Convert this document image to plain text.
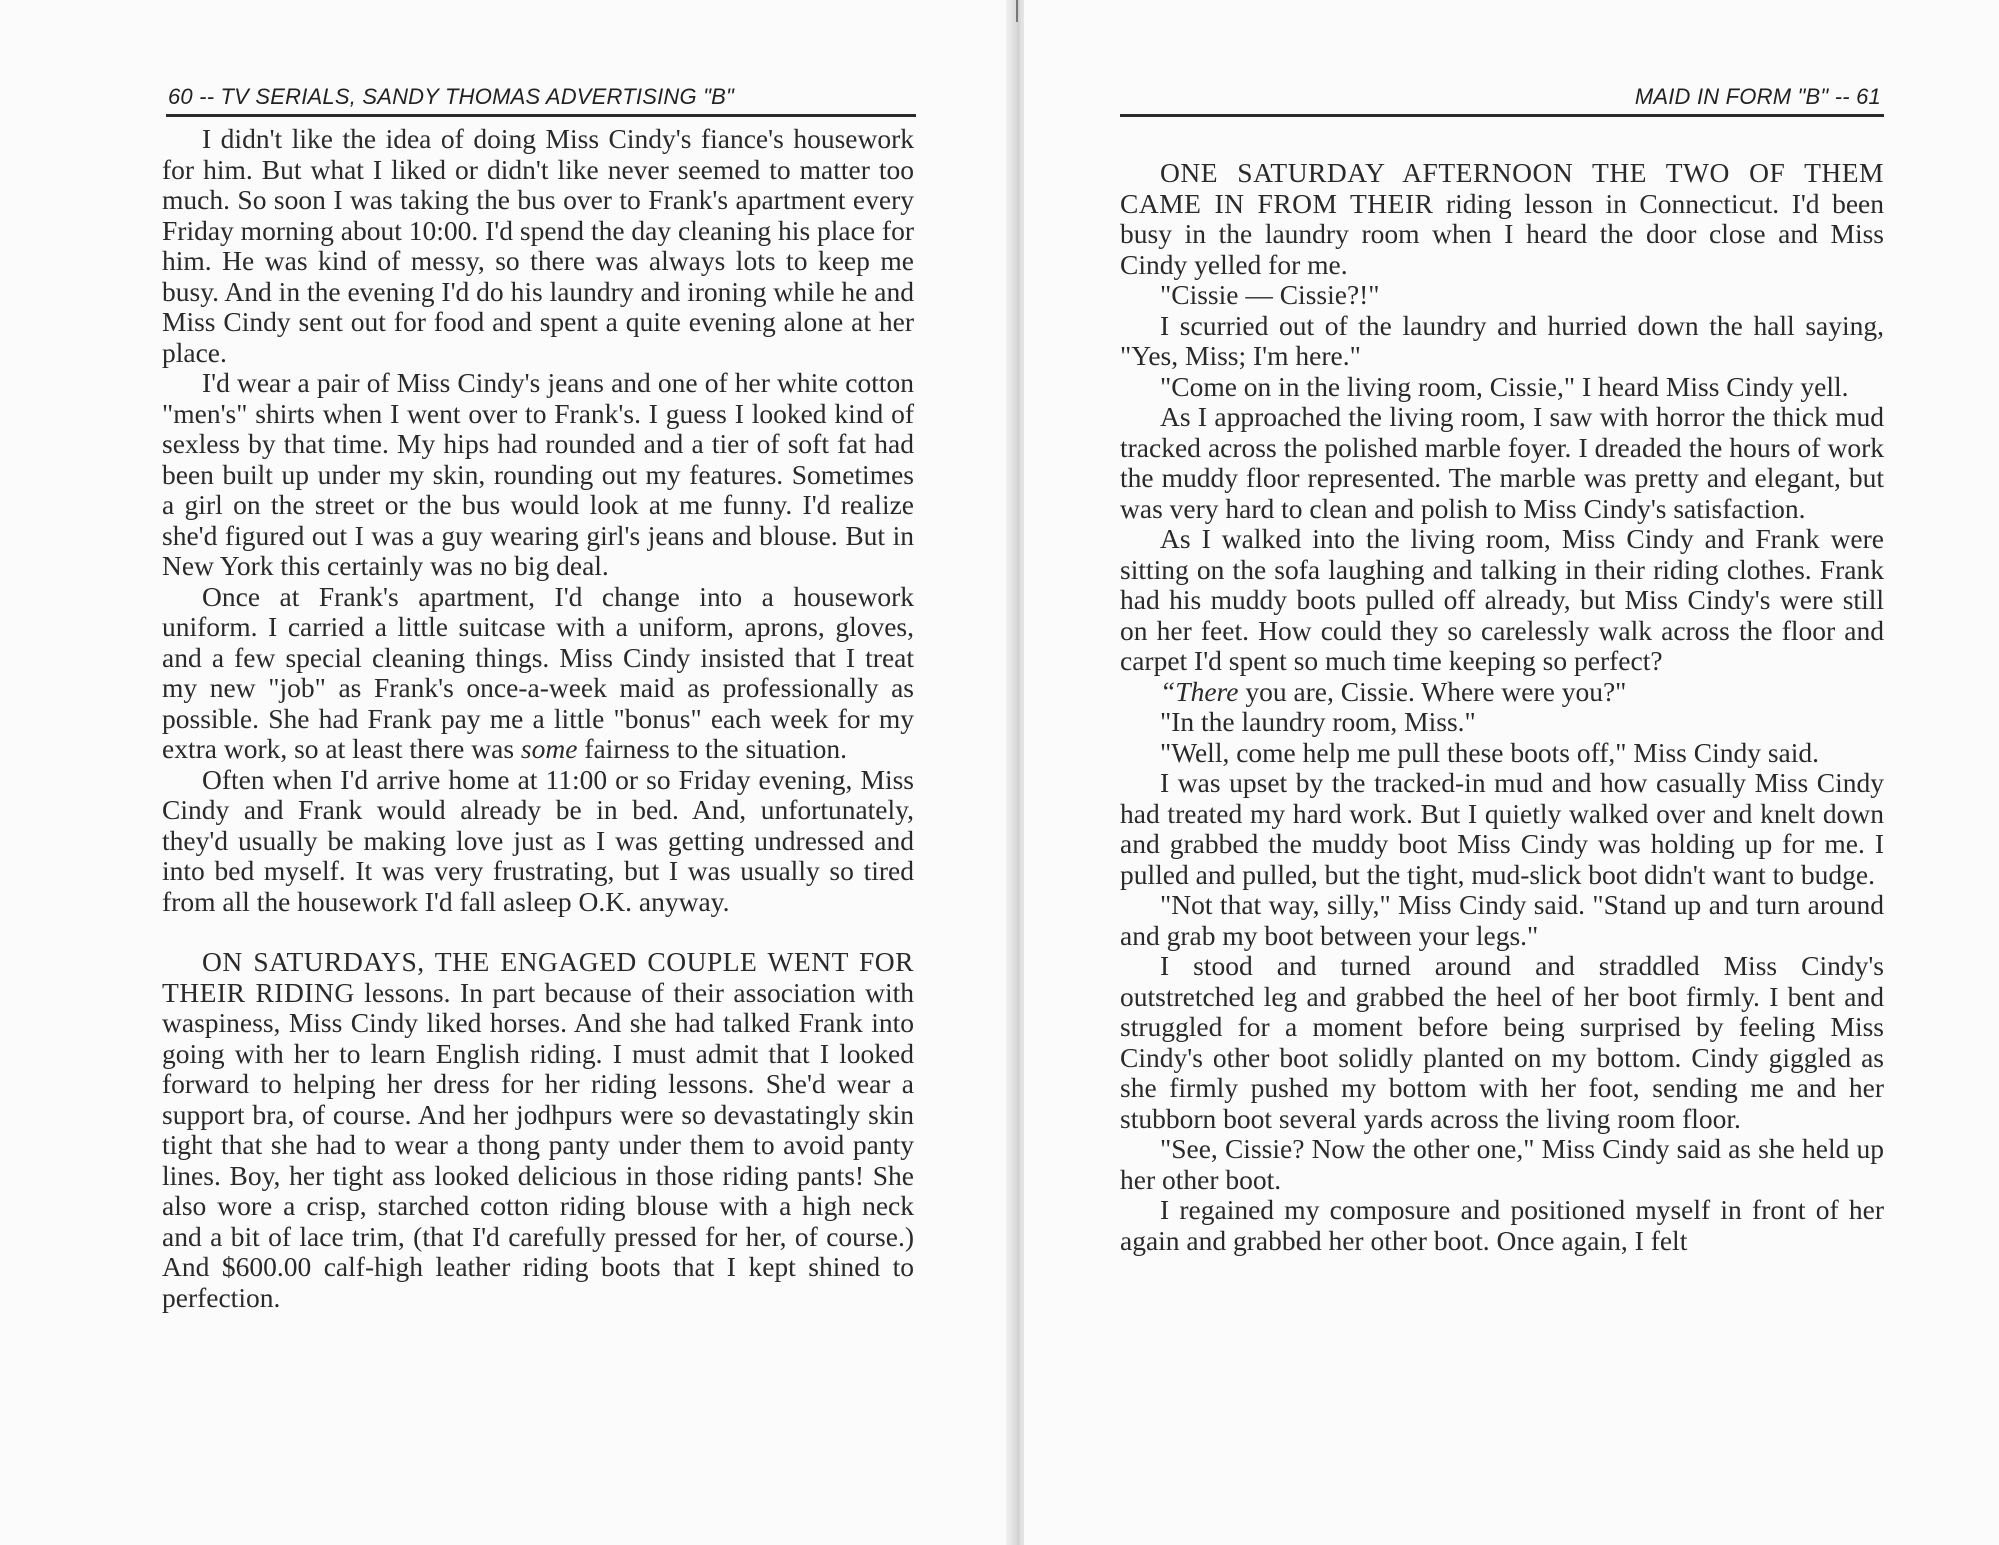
60 -- TV SERIALS, SANDY THOMAS ADVERTISING "B"

I didn't like the idea of doing Miss Cindy's fiance's housework for him. But what I liked or didn't like never seemed to matter too much. So soon I was taking the bus over to Frank's apartment every Friday morning about 10:00. I'd spend the day cleaning his place for him. He was kind of messy, so there was always lots to keep me busy. And in the evening I'd do his laundry and ironing while he and Miss Cindy sent out for food and spent a quite evening alone at her place.

I'd wear a pair of Miss Cindy's jeans and one of her white cotton "men's" shirts when I went over to Frank's. I guess I looked kind of sexless by that time. My hips had rounded and a tier of soft fat had been built up under my skin, rounding out my features. Sometimes a girl on the street or the bus would look at me funny. I'd realize she'd figured out I was a guy wearing girl's jeans and blouse. But in New York this certainly was no big deal.

Once at Frank's apartment, I'd change into a housework uniform. I carried a little suitcase with a uniform, aprons, gloves, and a few special cleaning things. Miss Cindy insisted that I treat my new "job" as Frank's once-a-week maid as professionally as possible. She had Frank pay me a little "bonus" each week for my extra work, so at least there was some fairness to the situation.

Often when I'd arrive home at 11:00 or so Friday evening, Miss Cindy and Frank would already be in bed. And, unfortunately, they'd usually be making love just as I was getting undressed and into bed myself. It was very frustrating, but I was usually so tired from all the housework I'd fall asleep O.K. anyway.

ON SATURDAYS, THE ENGAGED COUPLE WENT FOR THEIR RIDING lessons. In part because of their association with waspiness, Miss Cindy liked horses. And she had talked Frank into going with her to learn English riding. I must admit that I looked forward to helping her dress for her riding lessons. She'd wear a support bra, of course. And her jodhpurs were so devastatingly skin tight that she had to wear a thong panty under them to avoid panty lines. Boy, her tight ass looked delicious in those riding pants! She also wore a crisp, starched cotton riding blouse with a high neck and a bit of lace trim, (that I'd carefully pressed for her, of course.) And $600.00 calf-high leather riding boots that I kept shined to perfection.

MAID IN FORM "B" -- 61

ONE SATURDAY AFTERNOON THE TWO OF THEM CAME IN FROM THEIR riding lesson in Connecticut. I'd been busy in the laundry room when I heard the door close and Miss Cindy yelled for me.

"Cissie — Cissie?!"

I scurried out of the laundry and hurried down the hall saying, "Yes, Miss; I'm here."

"Come on in the living room, Cissie," I heard Miss Cindy yell.

As I approached the living room, I saw with horror the thick mud tracked across the polished marble foyer. I dreaded the hours of work the muddy floor represented. The marble was pretty and elegant, but was very hard to clean and polish to Miss Cindy's satisfaction.

As I walked into the living room, Miss Cindy and Frank were sitting on the sofa laughing and talking in their riding clothes. Frank had his muddy boots pulled off already, but Miss Cindy's were still on her feet. How could they so carelessly walk across the floor and carpet I'd spent so much time keeping so perfect?

“There you are, Cissie. Where were you?"

"In the laundry room, Miss."

"Well, come help me pull these boots off," Miss Cindy said.

I was upset by the tracked-in mud and how casually Miss Cindy had treated my hard work. But I quietly walked over and knelt down and grabbed the muddy boot Miss Cindy was holding up for me. I pulled and pulled, but the tight, mud-slick boot didn't want to budge.

"Not that way, silly," Miss Cindy said. "Stand up and turn around and grab my boot between your legs."

I stood and turned around and straddled Miss Cindy's outstretched leg and grabbed the heel of her boot firmly. I bent and struggled for a moment before being surprised by feeling Miss Cindy's other boot solidly planted on my bottom. Cindy giggled as she firmly pushed my bottom with her foot, sending me and her stubborn boot several yards across the living room floor.

"See, Cissie? Now the other one," Miss Cindy said as she held up her other boot.

I regained my composure and positioned myself in front of her again and grabbed her other boot. Once again, I felt
